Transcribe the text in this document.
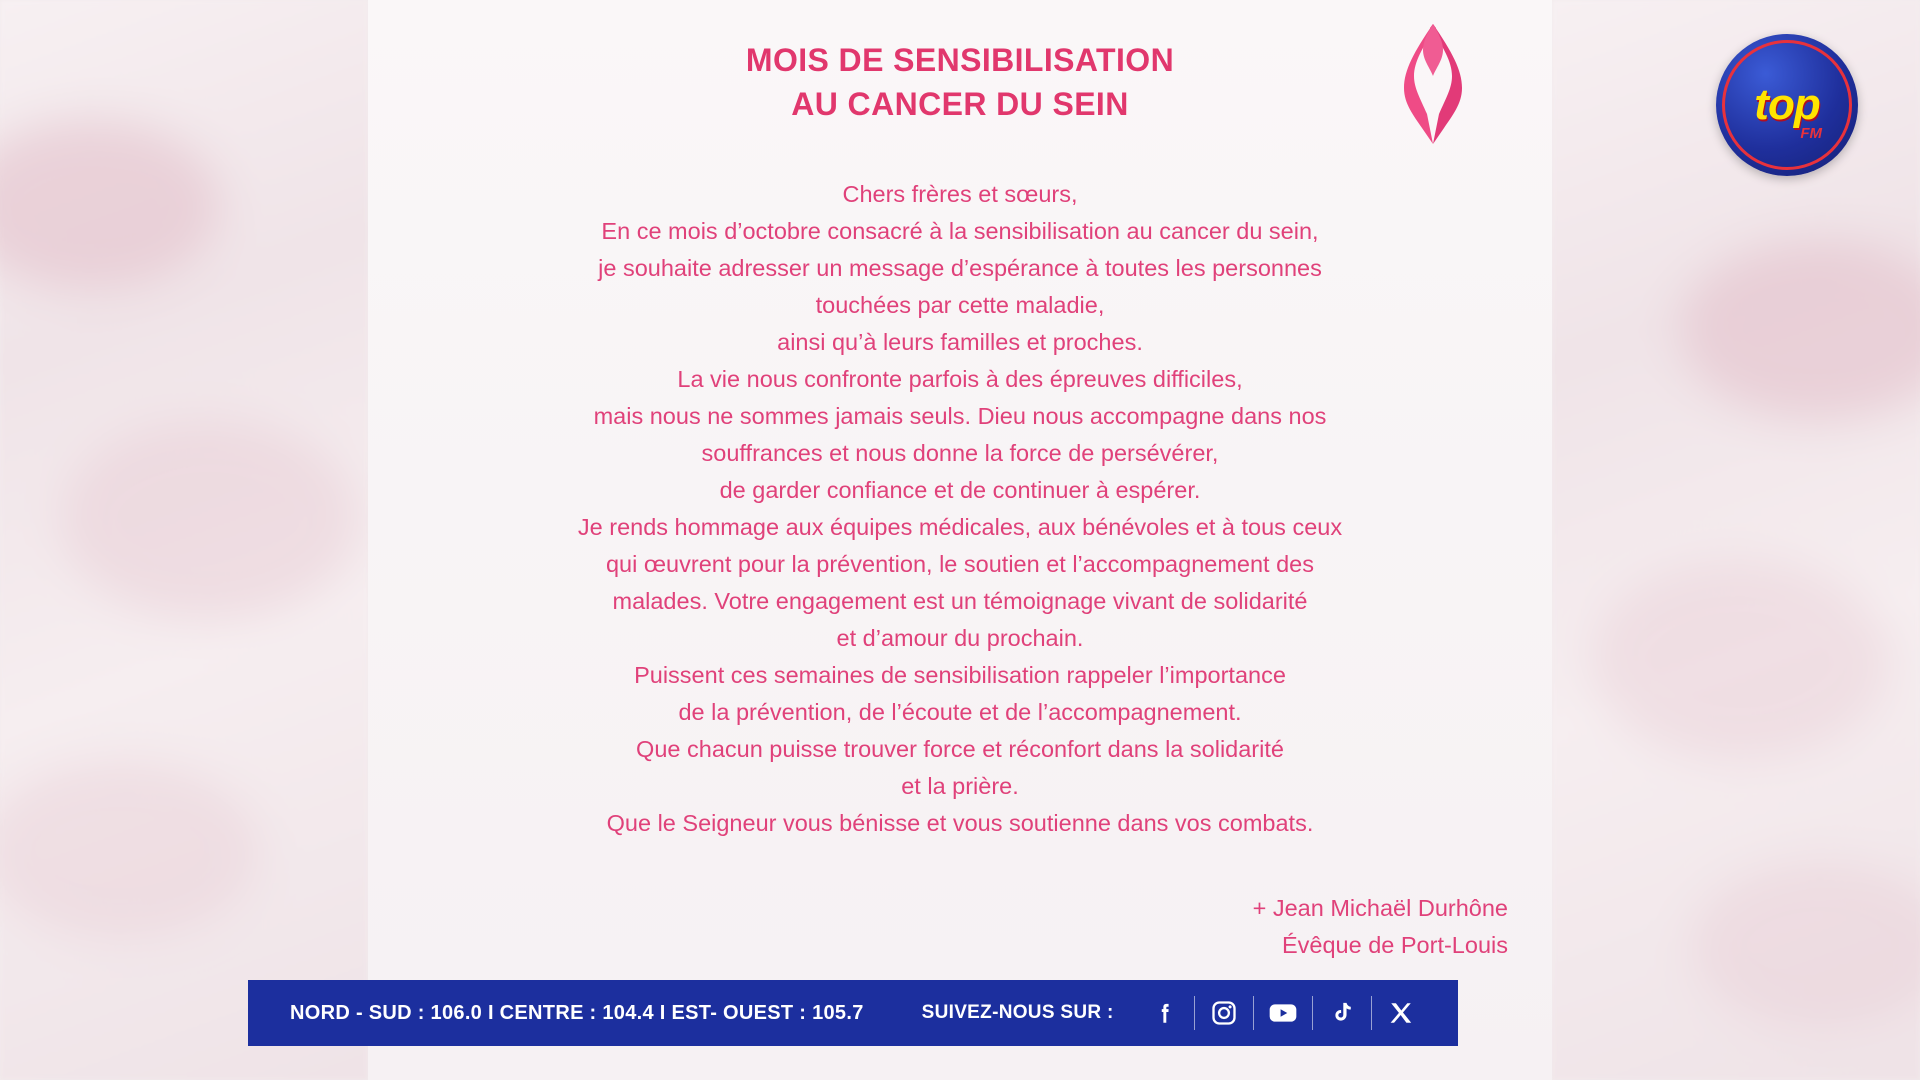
MOIS DE SENSIBILISATION
AU CANCER DU SEIN
Chers frères et sœurs,
En ce mois d’octobre consacré à la sensibilisation au cancer du sein,
je souhaite adresser un message d’espérance à toutes les personnes
touchées par cette maladie,
ainsi qu’à leurs familles et proches.
La vie nous confronte parfois à des épreuves difficiles,
mais nous ne sommes jamais seuls. Dieu nous accompagne dans nos
souffrances et nous donne la force de persévérer,
de garder confiance et de continuer à espérer.
Je rends hommage aux équipes médicales, aux bénévoles et à tous ceux
qui œuvrent pour la prévention, le soutien et l’accompagnement des
malades. Votre engagement est un témoignage vivant de solidarité
et d’amour du prochain.
Puissent ces semaines de sensibilisation rappeler l’importance
de la prévention, de l’écoute et de l’accompagnement.
Que chacun puisse trouver force et réconfort dans la solidarité
et la prière.
Que le Seigneur vous bénisse et vous soutienne dans vos combats.
+ Jean Michaël Durhône
Évêque de Port-Louis
NORD - SUD : 106.0 I CENTRE : 104.4 I EST- OUEST : 105.7	SUIVEZ-NOUS SUR :
top
FM
